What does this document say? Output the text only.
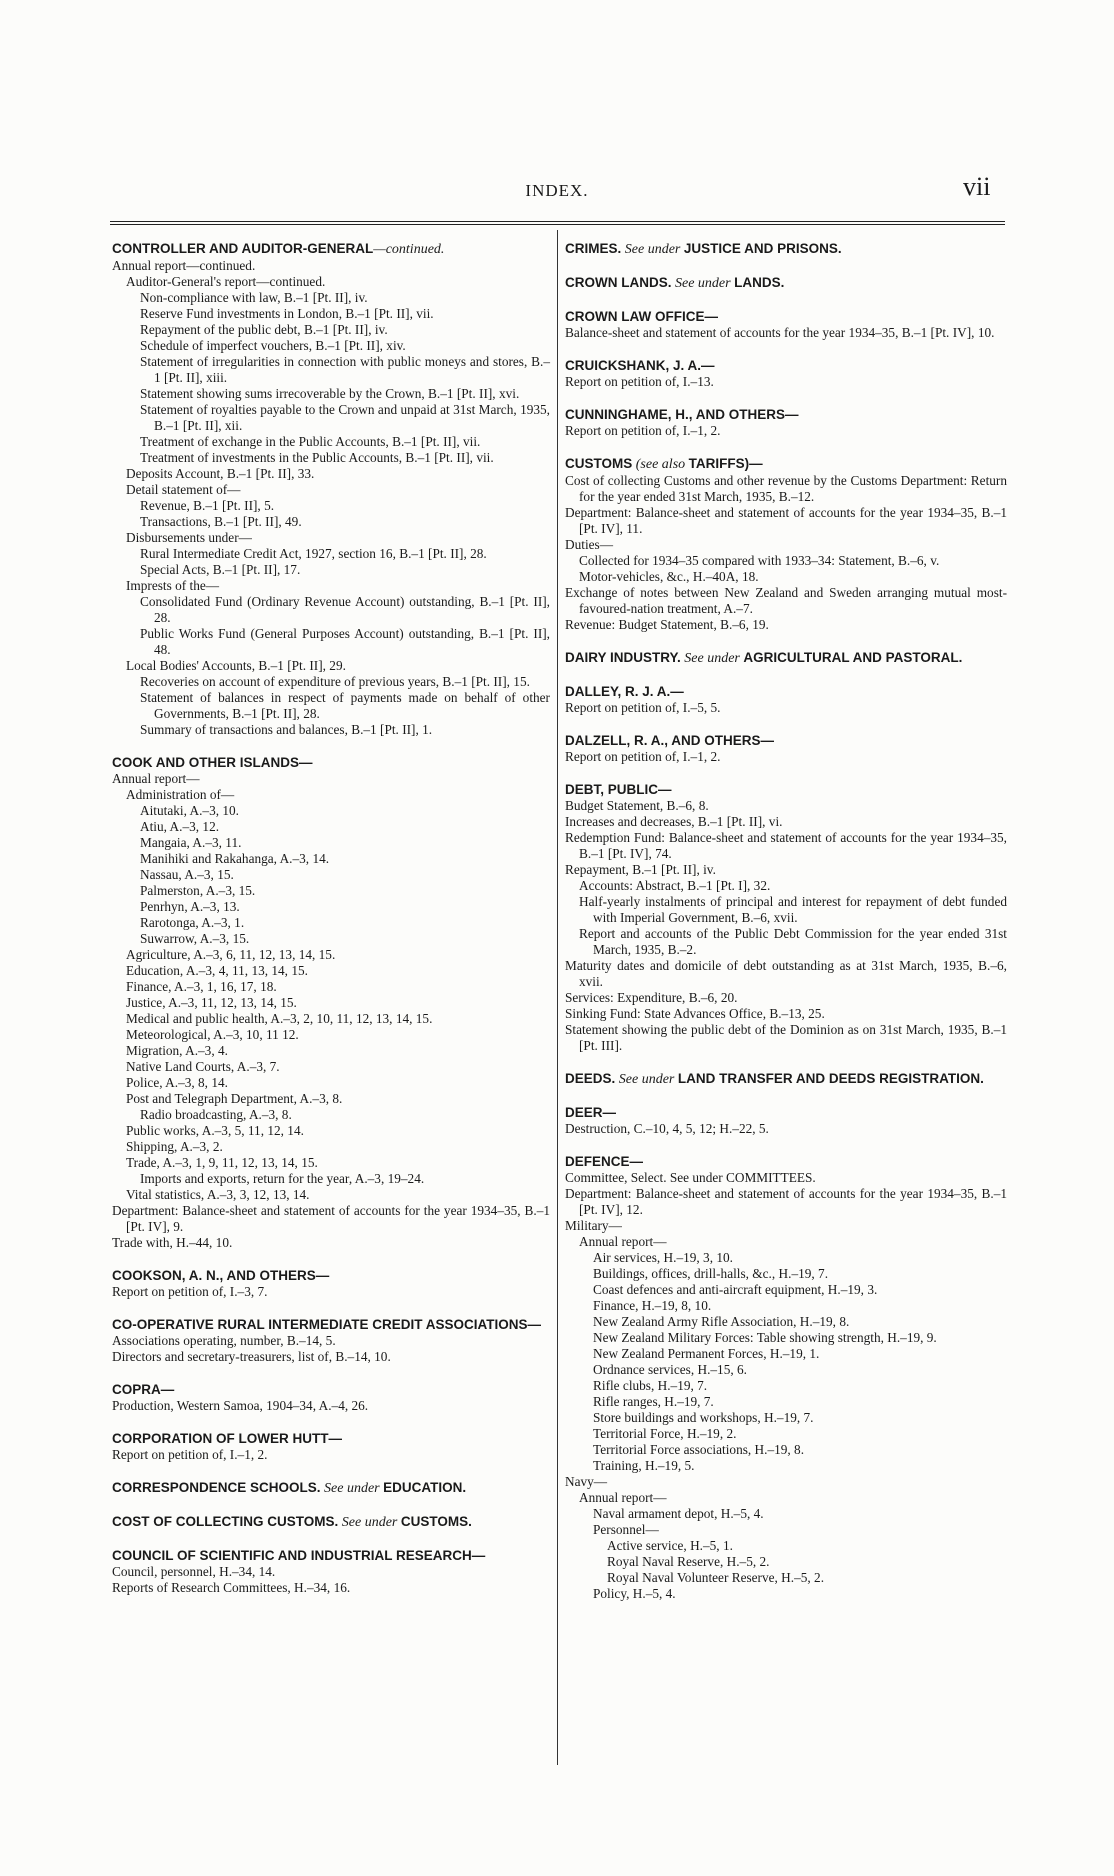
INDEX.	vii
CONTROLLER AND AUDITOR-GENERAL—continued.
Annual report—continued.
Auditor-General's report—continued.
Non-compliance with law, B.–1 [Pt. II], iv.
Reserve Fund investments in London, B.–1 [Pt. II], vii.
Repayment of the public debt, B.–1 [Pt. II], iv.
Schedule of imperfect vouchers, B.–1 [Pt. II], xiv.
Statement of irregularities in connection with public moneys and stores, B.–1 [Pt. II], xiii.
Statement showing sums irrecoverable by the Crown, B.–1 [Pt. II], xvi.
Statement of royalties payable to the Crown and unpaid at 31st March, 1935, B.–1 [Pt. II], xii.
Treatment of exchange in the Public Accounts, B.–1 [Pt. II], vii.
Treatment of investments in the Public Accounts, B.–1 [Pt. II], vii.
Deposits Account, B.–1 [Pt. II], 33.
Detail statement of—
Revenue, B.–1 [Pt. II], 5.
Transactions, B.–1 [Pt. II], 49.
Disbursements under—
Rural Intermediate Credit Act, 1927, section 16, B.–1 [Pt. II], 28.
Special Acts, B.–1 [Pt. II], 17.
Imprests of the—
Consolidated Fund (Ordinary Revenue Account) outstanding, B.–1 [Pt. II], 28.
Public Works Fund (General Purposes Account) outstanding, B.–1 [Pt. II], 48.
Local Bodies' Accounts, B.–1 [Pt. II], 29.
Recoveries on account of expenditure of previous years, B.–1 [Pt. II], 15.
Statement of balances in respect of payments made on behalf of other Governments, B.–1 [Pt. II], 28.
Summary of transactions and balances, B.–1 [Pt. II], 1.
COOK AND OTHER ISLANDS—
Annual report—
Administration of—
Aitutaki, A.–3, 10.
Atiu, A.–3, 12.
Mangaia, A.–3, 11.
Manihiki and Rakahanga, A.–3, 14.
Nassau, A.–3, 15.
Palmerston, A.–3, 15.
Penrhyn, A.–3, 13.
Rarotonga, A.–3, 1.
Suwarrow, A.–3, 15.
Agriculture, A.–3, 6, 11, 12, 13, 14, 15.
Education, A.–3, 4, 11, 13, 14, 15.
Finance, A.–3, 1, 16, 17, 18.
Justice, A.–3, 11, 12, 13, 14, 15.
Medical and public health, A.–3, 2, 10, 11, 12, 13, 14, 15.
Meteorological, A.–3, 10, 11 12.
Migration, A.–3, 4.
Native Land Courts, A.–3, 7.
Police, A.–3, 8, 14.
Post and Telegraph Department, A.–3, 8.
Radio broadcasting, A.–3, 8.
Public works, A.–3, 5, 11, 12, 14.
Shipping, A.–3, 2.
Trade, A.–3, 1, 9, 11, 12, 13, 14, 15.
Imports and exports, return for the year, A.–3, 19–24.
Vital statistics, A.–3, 3, 12, 13, 14.
Department: Balance-sheet and statement of accounts for the year 1934–35, B.–1 [Pt. IV], 9.
Trade with, H.–44, 10.
COOKSON, A. N., AND OTHERS—
Report on petition of, I.–3, 7.
CO-OPERATIVE RURAL INTERMEDIATE CREDIT ASSOCIATIONS—
Associations operating, number, B.–14, 5.
Directors and secretary-treasurers, list of, B.–14, 10.
COPRA—
Production, Western Samoa, 1904–34, A.–4, 26.
CORPORATION OF LOWER HUTT—
Report on petition of, I.–1, 2.
CORRESPONDENCE SCHOOLS. See under EDUCATION.
COST OF COLLECTING CUSTOMS. See under CUSTOMS.
COUNCIL OF SCIENTIFIC AND INDUSTRIAL RESEARCH—
Council, personnel, H.–34, 14.
Reports of Research Committees, H.–34, 16.
CRIMES. See under JUSTICE AND PRISONS.
CROWN LANDS. See under LANDS.
CROWN LAW OFFICE—
Balance-sheet and statement of accounts for the year 1934–35, B.–1 [Pt. IV], 10.
CRUICKSHANK, J. A.—
Report on petition of, I.–13.
CUNNINGHAME, H., AND OTHERS—
Report on petition of, I.–1, 2.
CUSTOMS (see also TARIFFS)—
Cost of collecting Customs and other revenue by the Customs Department: Return for the year ended 31st March, 1935, B.–12.
Department: Balance-sheet and statement of accounts for the year 1934–35, B.–1 [Pt. IV], 11.
Duties—
Collected for 1934–35 compared with 1933–34: Statement, B.–6, v.
Motor-vehicles, &c., H.–40A, 18.
Exchange of notes between New Zealand and Sweden arranging mutual most-favoured-nation treatment, A.–7.
Revenue: Budget Statement, B.–6, 19.
DAIRY INDUSTRY. See under AGRICULTURAL AND PASTORAL.
DALLEY, R. J. A.—
Report on petition of, I.–5, 5.
DALZELL, R. A., AND OTHERS—
Report on petition of, I.–1, 2.
DEBT, PUBLIC—
Budget Statement, B.–6, 8.
Increases and decreases, B.–1 [Pt. II], vi.
Redemption Fund: Balance-sheet and statement of accounts for the year 1934–35, B.–1 [Pt. IV], 74.
Repayment, B.–1 [Pt. II], iv.
Accounts: Abstract, B.–1 [Pt. I], 32.
Half-yearly instalments of principal and interest for repayment of debt funded with Imperial Government, B.–6, xvii.
Report and accounts of the Public Debt Commission for the year ended 31st March, 1935, B.–2.
Maturity dates and domicile of debt outstanding as at 31st March, 1935, B.–6, xvii.
Services: Expenditure, B.–6, 20.
Sinking Fund: State Advances Office, B.–13, 25.
Statement showing the public debt of the Dominion as on 31st March, 1935, B.–1 [Pt. III].
DEEDS. See under LAND TRANSFER AND DEEDS REGISTRATION.
DEER—
Destruction, C.–10, 4, 5, 12; H.–22, 5.
DEFENCE—
Committee, Select. See under COMMITTEES.
Department: Balance-sheet and statement of accounts for the year 1934–35, B.–1 [Pt. IV], 12.
Military—
Annual report—
Air services, H.–19, 3, 10.
Buildings, offices, drill-halls, &c., H.–19, 7.
Coast defences and anti-aircraft equipment, H.–19, 3.
Finance, H.–19, 8, 10.
New Zealand Army Rifle Association, H.–19, 8.
New Zealand Military Forces: Table showing strength, H.–19, 9.
New Zealand Permanent Forces, H.–19, 1.
Ordnance services, H.–15, 6.
Rifle clubs, H.–19, 7.
Rifle ranges, H.–19, 7.
Store buildings and workshops, H.–19, 7.
Territorial Force, H.–19, 2.
Territorial Force associations, H.–19, 8.
Training, H.–19, 5.
Navy—
Annual report—
Naval armament depot, H.–5, 4.
Personnel—
Active service, H.–5, 1.
Royal Naval Reserve, H.–5, 2.
Royal Naval Volunteer Reserve, H.–5, 2.
Policy, H.–5, 4.
